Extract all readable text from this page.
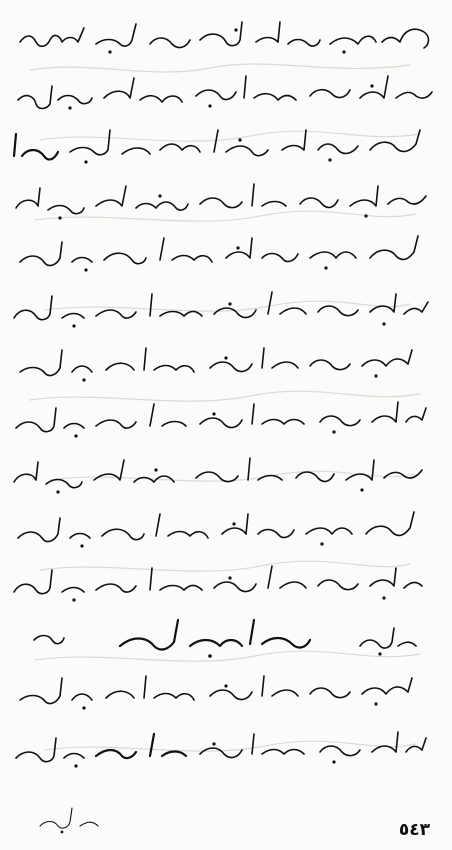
٥٤٣
